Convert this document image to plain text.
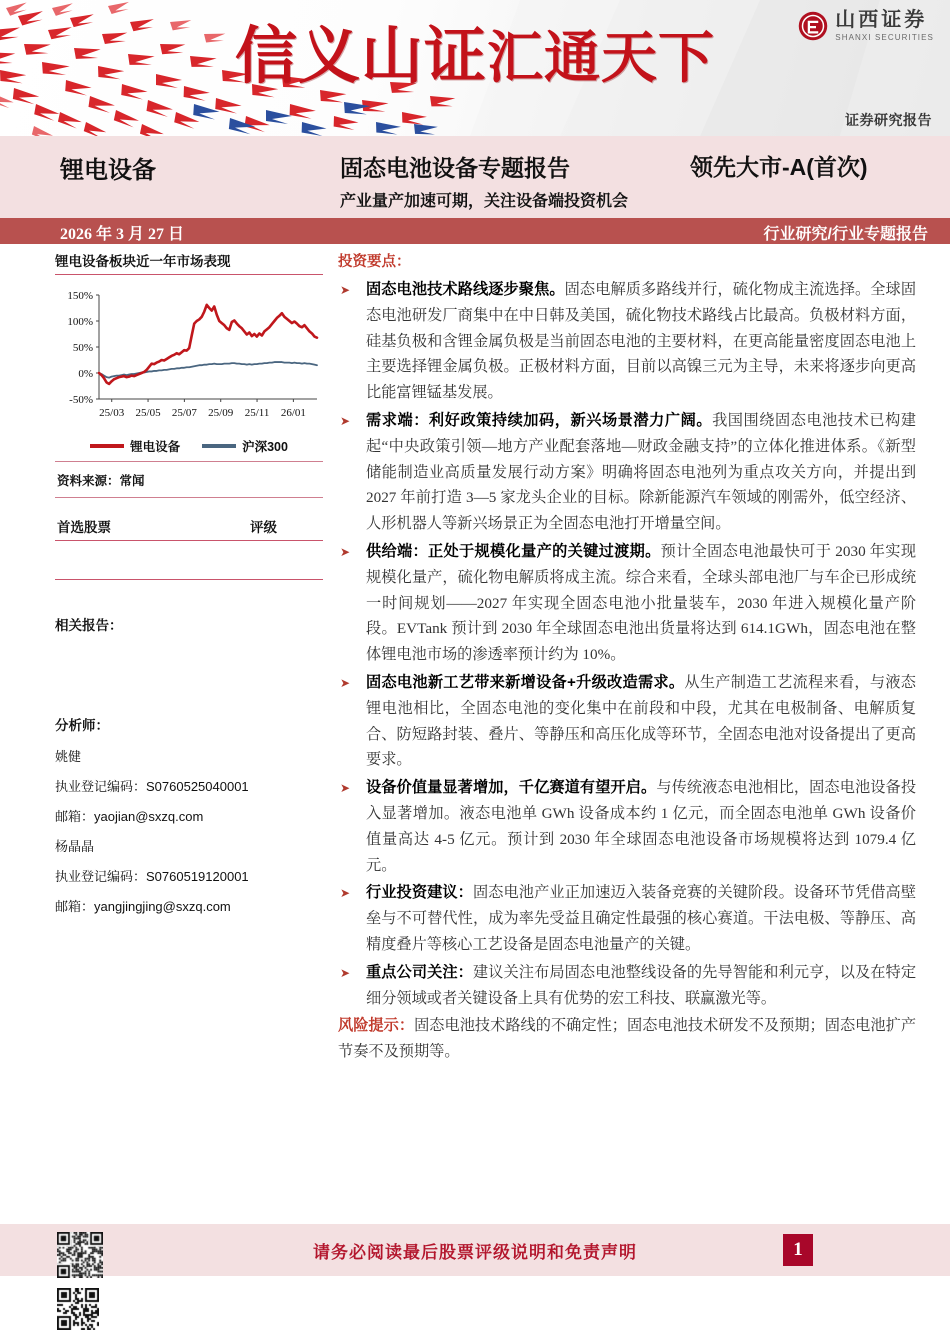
信义山证汇通天下
山西证券
SHANXI SECURITIES
证券研究报告
锂电设备	固态电池设备专题报告	领先大市-A(首次)
产业量产加速可期，关注设备端投资机会
2026 年 3 月 27 日	行业研究/行业专题报告
锂电设备板块近一年市场表现
-50%
0%
50%
100%
150%
25/03 25/05 25/07 25/09 25/11 26/01
锂电设备	沪深300
资料来源：常闻
首选股票	评级
相关报告：
分析师：
姚健
执业登记编码：S0760525040001
邮箱：yaojian@sxzq.com
杨晶晶
执业登记编码：S0760519120001
邮箱：yangjingjing@sxzq.com
投资要点：
➤	固态电池技术路线逐步聚焦。固态电解质多路线并行，硫化物成主流选择。全球固态电池研发厂商集中在中日韩及美国，硫化物技术路线占比最高。负极材料方面，硅基负极和含锂金属负极是当前固态电池的主要材料，在更高能量密度固态电池上主要选择锂金属负极。正极材料方面，目前以高镍三元为主导，未来将逐步向更高比能富锂锰基发展。
➤	需求端：利好政策持续加码，新兴场景潜力广阔。我国围绕固态电池技术已构建起“中央政策引领—地方产业配套落地—财政金融支持”的立体化推进体系。《新型储能制造业高质量发展行动方案》明确将固态电池列为重点攻关方向，并提出到 2027 年前打造 3—5 家龙头企业的目标。除新能源汽车领域的刚需外，低空经济、人形机器人等新兴场景正为全固态电池打开增量空间。
➤	供给端：正处于规模化量产的关键过渡期。预计全固态电池最快可于 2030 年实现规模化量产，硫化物电解质将成主流。综合来看，全球头部电池厂与车企已形成统一时间规划——2027 年实现全固态电池小批量装车，2030 年进入规模化量产阶段。EVTank 预计到 2030 年全球固态电池出货量将达到 614.1GWh，固态电池在整体锂电池市场的渗透率预计约为 10%。
➤	固态电池新工艺带来新增设备+升级改造需求。从生产制造工艺流程来看，与液态锂电池相比，全固态电池的变化集中在前段和中段，尤其在电极制备、电解质复合、防短路封装、叠片、等静压和高压化成等环节，全固态电池对设备提出了更高要求。
➤	设备价值量显著增加，千亿赛道有望开启。与传统液态电池相比，固态电池设备投入显著增加。液态电池单 GWh 设备成本约 1 亿元，而全固态电池单 GWh 设备价值量高达 4-5 亿元。预计到 2030 年全球固态电池设备市场规模将达到 1079.4 亿元。
➤	行业投资建议：固态电池产业正加速迈入装备竞赛的关键阶段。设备环节凭借高壁垒与不可替代性，成为率先受益且确定性最强的核心赛道。干法电极、等静压、高精度叠片等核心工艺设备是固态电池量产的关键。
➤	重点公司关注：建议关注布局固态电池整线设备的先导智能和利元亨，以及在特定细分领域或者关键设备上具有优势的宏工科技、联赢激光等。
风险提示：固态电池技术路线的不确定性；固态电池技术研发不及预期；固态电池扩产节奏不及预期等。
请务必阅读最后股票评级说明和免责声明	1
